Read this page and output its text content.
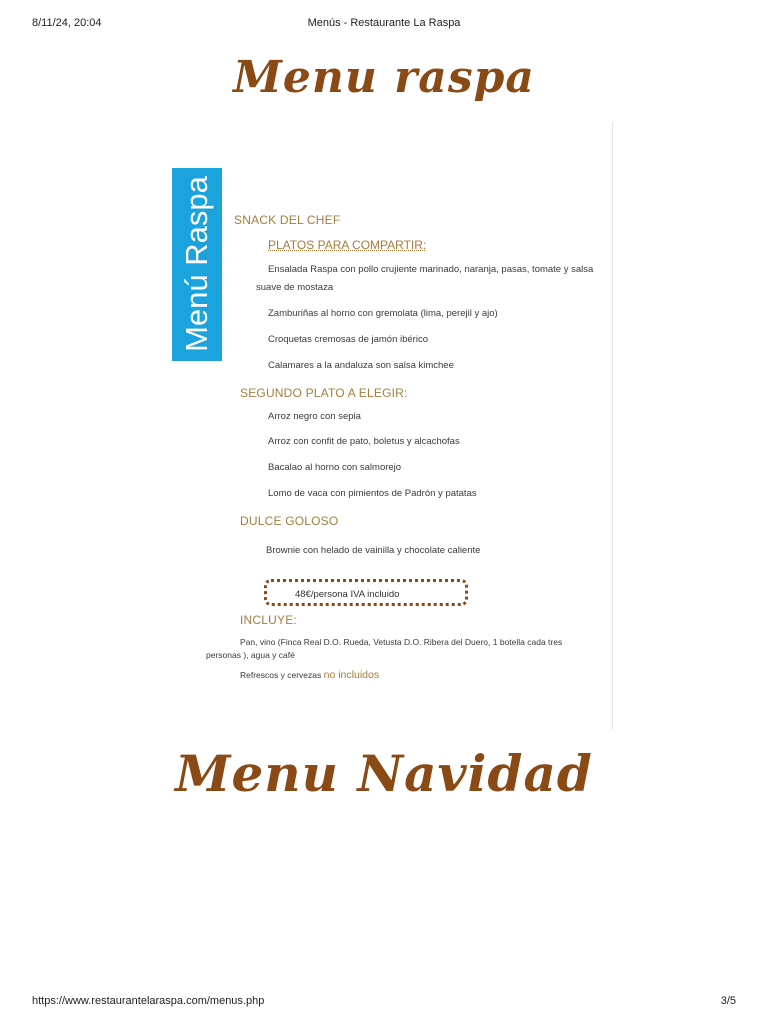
8/11/24, 20:04	Menús - Restaurante La Raspa
Menu raspa
Menú Raspa SNACK DEL CHEF
PLATOS PARA COMPARTIR:
Ensalada Raspa con pollo crujiente marinado, naranja, pasas, tomate y salsa
suave de mostaza
Zamburiñas al horno con gremolata (lima, perejil y ajo)
Croquetas cremosas de jamón ibérico
Calamares a la andaluza son salsa kimchee
SEGUNDO PLATO A ELEGIR:
Arroz negro con sepia
Arroz con confit de pato, boletus y alcachofas
Bacalao al horno con salmorejo
Lomo de vaca con pimientos de Padrón y patatas
DULCE GOLOSO
Brownie con helado de vainilla y chocolate caliente
48€/persona IVA incluido
INCLUYE:
Pan, vino (Finca Real D.O. Rueda, Vetusta D.O. Ribera del Duero, 1 botella cada tres
personas ), agua y café
Refrescos y cervezas no incluidos
Menu Navidad
https://www.restaurantelaraspa.com/menus.php	3/5
